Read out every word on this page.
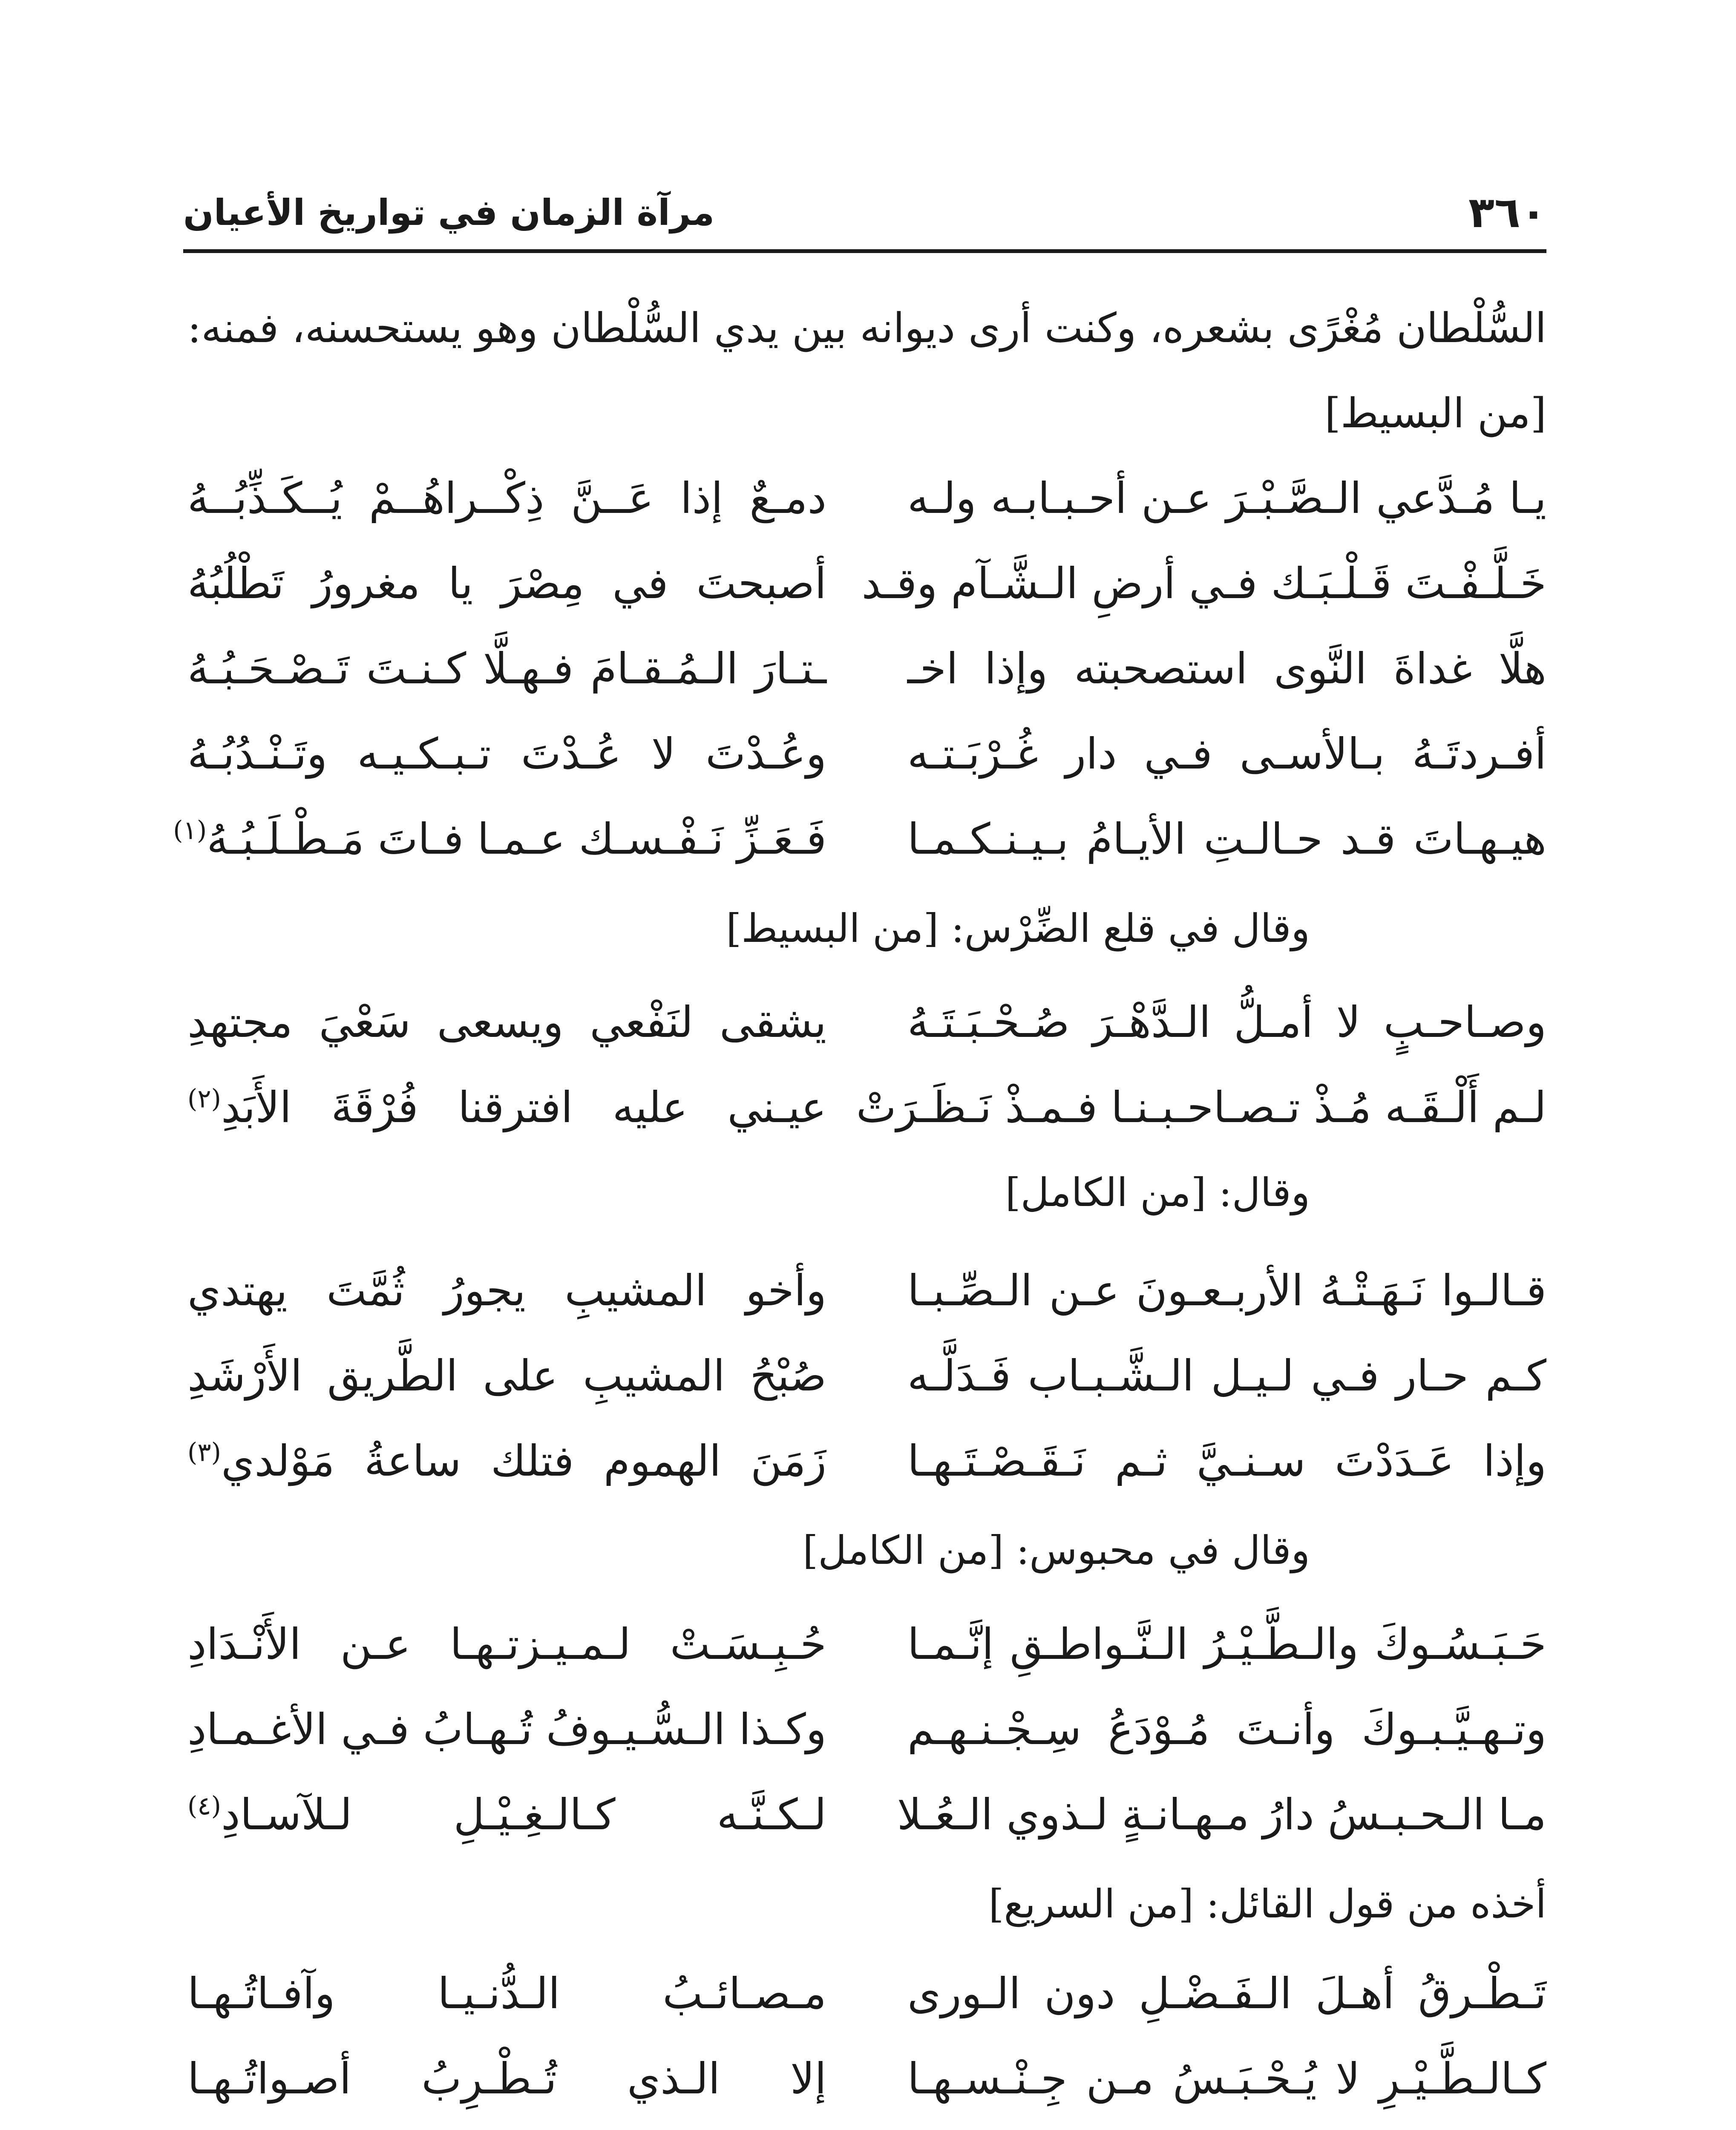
٣٦٠
مرآة الزمان في تواريخ الأعيان
السُّلْطان مُغْرًى بشعره، وكنت أرى ديوانه بين يدي السُّلْطان وهو يستحسنه، فمنه: [من البسيط]
يـا مُـدَّعي الـصَّـبْـرَ عـن أحـبـابـه ولـه
دمـعٌ إذا عَــنَّ ذِكْــراهُــمْ يُــكَـذِّبُــهُ
خَـلَّـفْـتَ قَـلْـبَـك فـي أرضِ الـشَّـآم وقـد
أصبحتَ في مِصْرَ يا مغرورُ تَطْلُبُهُ
هلَّا غداةَ النَّوى استصحبته وإذا اخـ
ـتـارَ الـمُـقـامَ فـهـلَّا كـنـتَ تَـصْـحَـبُـهُ
أفـردتَـهُ بـالأسـى فـي دار غُـرْبَـتـه
وعُـدْتَ لا عُـدْتَ تـبـكـيـه وتَـنْـدُبُـهُ
هيـهـاتَ قـد حـالـتِ الأيـامُ بـيـنـكـمـا
فَـعَـزِّ نَـفْـسـك عـمـا فـاتَ مَـطْـلَـبُـهُ$^{(١)}$
وقال في قلع الضِّرْس: [من البسيط]
وصـاحـبٍ لا أمـلُّ الـدَّهْـرَ صُـحْـبَـتَـهُ
يشقى لنَفْعي ويسعى سَعْيَ مجتهدِ
لـم أَلْـقَـه مُـذْ تـصـاحـبـنـا فـمـذْ نَـظَـرَتْ
عيـني عليه افترقنا فُرْقَةَ الأَبَدِ$^{(٢)}$
وقال: [من الكامل]
قـالـوا نَـهَـتْـهُ الأربـعـونَ عـن الـصِّـبـا
وأخو المشيبِ يجورُ ثُمَّتَ يهتدي
كـم حـار فـي لـيـل الـشَّـبـاب فَـدَلَّـه
صُبْحُ المشيبِ على الطَّريق الأَرْشَدِ
وإذا عَـدَدْتَ سـنـيَّ ثـم نَـقَـصْـتَـهـا
زَمَنَ الهموم فتلك ساعةُ مَوْلدي$^{(٣)}$
وقال في محبوس: [من الكامل]
حَـبَـسُـوكَ والـطَّـيْـرُ الـنَّـواطـقِ إنَّـمـا
حُـبِـسَـتْ لـمـيـزتـهـا عـن الأَنْـدَادِ
وتـهـيَّـبـوكَ وأنـتَ مُـوْدَعُ سِـجْـنـهـم
وكـذا الـسُّـيـوفُ تُـهـابُ فـي الأغـمـادِ
مـا الـحـبـسُ دارُ مـهـانـةٍ لـذوي الـعُـلا
لـكـنَّـه كـالـغِـيْـلِ لـلآسـادِ$^{(٤)}$
أخذه من قول القائل: [من السريع]
تَـطْـرقُ أهـلَ الـفَـضْـلِ دون الـورى
مـصـائـبُ الـدُّنـيـا وآفـاتُـهـا
كـالـطَّـيْـرِ لا يُـحْـبَـسُ مـن جِـنْـسـهـا
إلا الـذي تُـطْـرِبُ أصـواتُـهـا
